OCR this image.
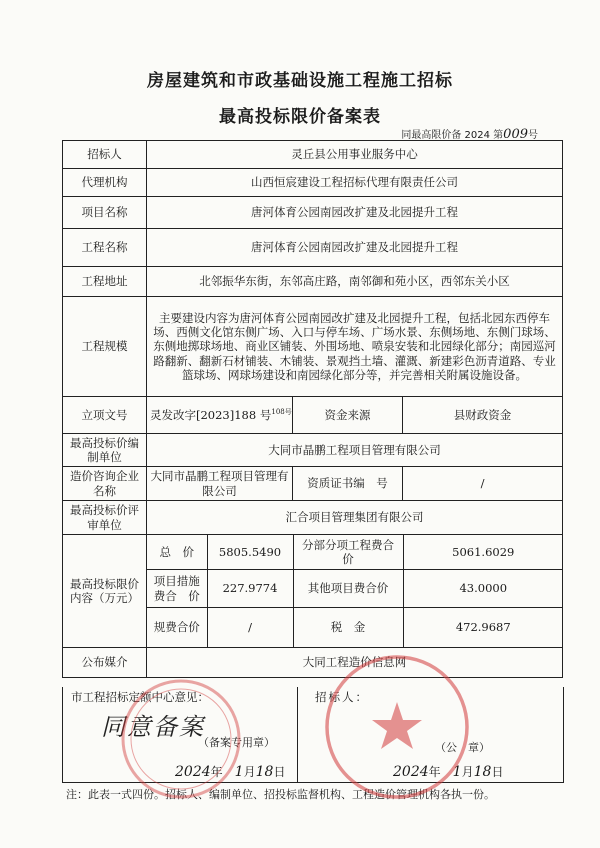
房屋建筑和市政基础设施工程施工招标
最高投标限价备案表
同最高限价备 2024 第009号
招标人	灵丘县公用事业服务中心
代理机构	山西恒宸建设工程招标代理有限责任公司
项目名称	唐河体育公园南园改扩建及北园提升工程
工程名称	唐河体育公园南园改扩建及北园提升工程
工程地址	北邻振华东街，东邻高庄路，南邻御和苑小区，西邻东关小区
工程规模	主要建设内容为唐河体育公园南园改扩建及北园提升工程，包括北园东西停车场、西侧文化馆东侧广场、入口与停车场、广场水景、东侧场地、东侧门球场、东侧地掷球场地、商业区铺装、外围场地、喷泉安装和北园绿化部分；南园巡河路翻新、翻新石材铺装、木铺装、景观挡土墙、灌溉、新建彩色沥青道路、专业篮球场、网球场建设和南园绿化部分等，并完善相关附属设施设备。
立项文号	灵发改字[2023]188 号$^{108号}$	资金来源	县财政资金
最高投标价编制单位	大同市晶鹏工程项目管理有限公司
造价咨询企业名称	大同市晶鹏工程项目管理有限公司	资质证书编　号	/
最高投标价评审单位	汇合项目管理集团有限公司
最高投标限价内容（万元）	
总　价	5805.5490	分部分项工程费合价	5061.6029

项目措施费合　价	227.9774	其他项目费合价	43.0000

规费合价	/	税　金	472.9687

公布媒介	大同工程造价信息网
市工程招标定额中心意见：
同意备案
（备案专用章）
2024年　 1月18日
招标人：
（公　章）
2024年　 1月18日
注：此表一式四份。招标人、编制单位、招投标监督机构、工程造价管理机构各执一份。
